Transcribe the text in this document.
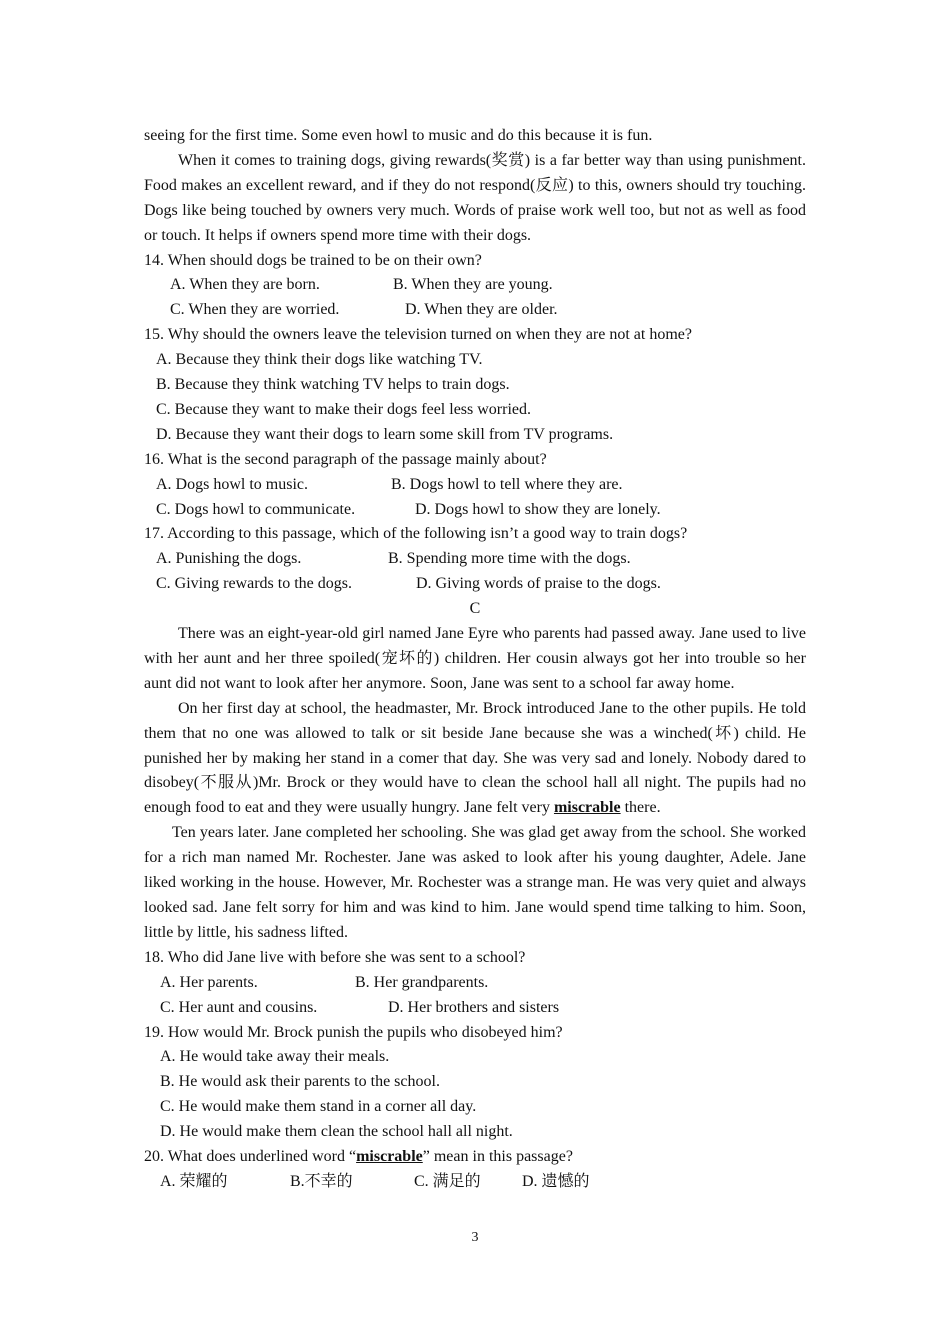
seeing for the first time. Some even howl to music and do this because it is fun.
When it comes to training dogs, giving rewards(奖赏) is a far better way than using punishment. Food makes an excellent reward, and if they do not respond(反应) to this, owners should try touching. Dogs like being touched by owners very much. Words of praise work well too, but not as well as food or touch. It helps if owners spend more time with their dogs.
14. When should dogs be trained to be on their own?
A. When they are born.	B. When they are young.
C. When they are worried.	D. When they are older.
15. Why should the owners leave the television turned on when they are not at home?
A. Because they think their dogs like watching TV.
B. Because they think watching TV helps to train dogs.
C. Because they want to make their dogs feel less worried.
D. Because they want their dogs to learn some skill from TV programs.
16. What is the second paragraph of the passage mainly about?
A. Dogs howl to music.	B. Dogs howl to tell where they are.
C. Dogs howl to communicate.	D. Dogs howl to show they are lonely.
17. According to this passage, which of the following isn’t a good way to train dogs?
A. Punishing the dogs.	B. Spending more time with the dogs.
C. Giving rewards to the dogs.	D. Giving words of praise to the dogs.
C
There was an eight-year-old girl named Jane Eyre who parents had passed away. Jane used to live with her aunt and her three spoiled(宠坏的) children. Her cousin always got her into trouble so her aunt did not want to look after her anymore. Soon, Jane was sent to a school far away home.
On her first day at school, the headmaster, Mr. Brock introduced Jane to the other pupils. He told them that no one was allowed to talk or sit beside Jane because she was a winched(坏) child. He punished her by making her stand in a comer that day. She was very sad and lonely. Nobody dared to disobey(不服从)Mr. Brock or they would have to clean the school hall all night. The pupils had no enough food to eat and they were usually hungry. Jane felt very miscrable there.
Ten years later. Jane completed her schooling. She was glad get away from the school. She worked for a rich man named Mr. Rochester. Jane was asked to look after his young daughter, Adele. Jane liked working in the house. However, Mr. Rochester was a strange man. He was very quiet and always looked sad. Jane felt sorry for him and was kind to him. Jane would spend time talking to him. Soon, little by little, his sadness lifted.
18. Who did Jane live with before she was sent to a school?
A. Her parents.	B. Her grandparents.
C. Her aunt and cousins.	D. Her brothers and sisters
19. How would Mr. Brock punish the pupils who disobeyed him?
A. He would take away their meals.
B. He would ask their parents to the school.
C. He would make them stand in a corner all day.
D. He would make them clean the school hall all night.
20. What does underlined word “miscrable” mean in this passage?
A. 荣耀的	B.不幸的	C. 满足的	D. 遗憾的
3
